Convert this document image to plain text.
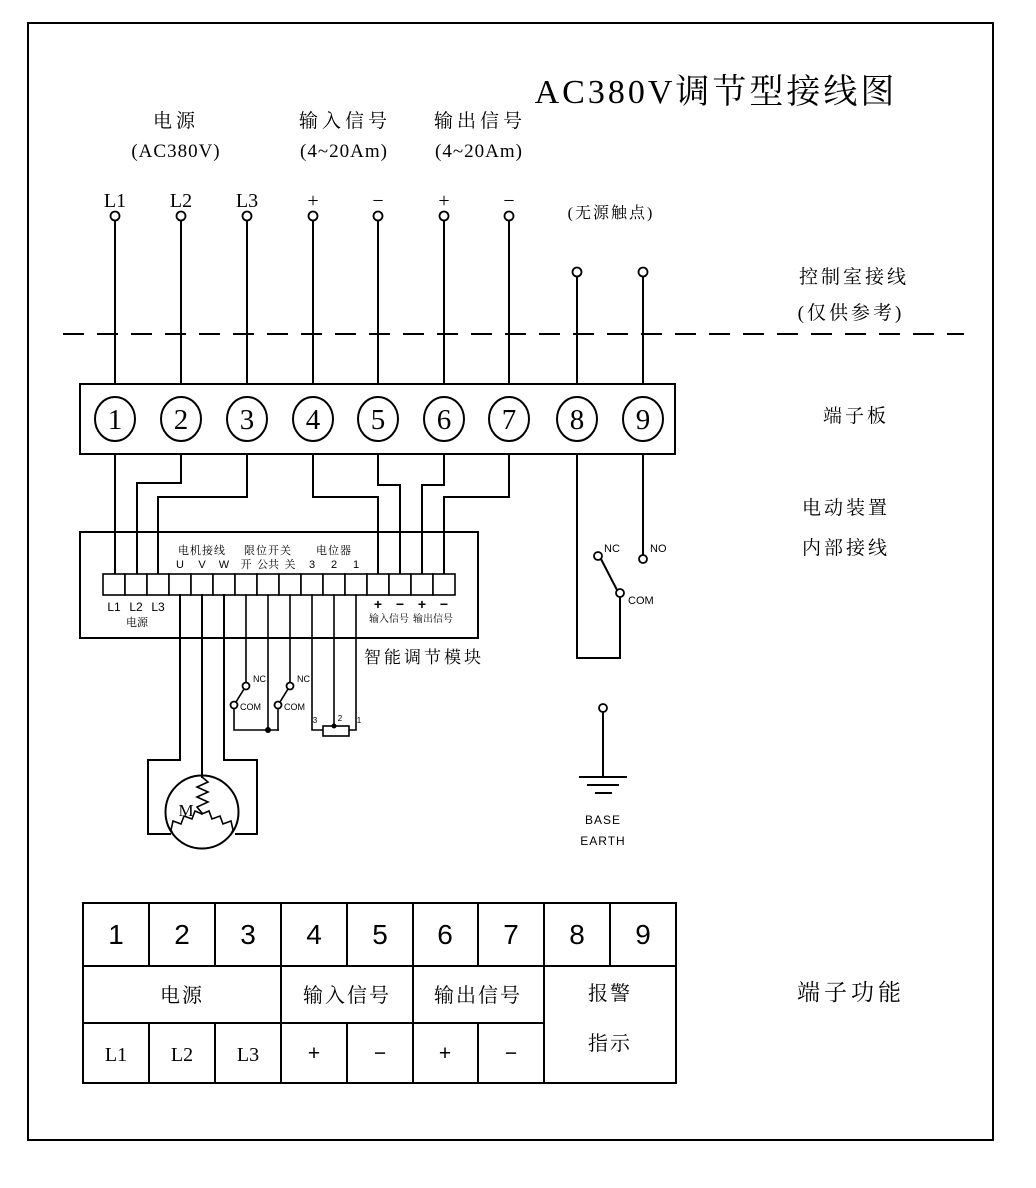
AC380V调节型接线图
电源
(AC380V)
输入信号
(4~20Am)
输出信号
(4~20Am)
(无源触点)
L1 L2 L3 +	−	+	−
控制室接线
(仅供参考)
1 2 3 4 5 6 7 8 9	端子板
电动装置
内部接线
电机接线 限位开关 电位器
U V W 开 公共 关 3 2 1
L1 L2 L3
电源
+ − + −
输入信号 输出信号
智能调节模块
NC
COM
NC
COM
3	2 1
M
NC	NO
COM
BASE
EARTH
1 2 3 4 5 6 7 8 9
电源	输入信号 输出信号	报警
指示
L1 L2 L3 +	−	+	−
端子功能
